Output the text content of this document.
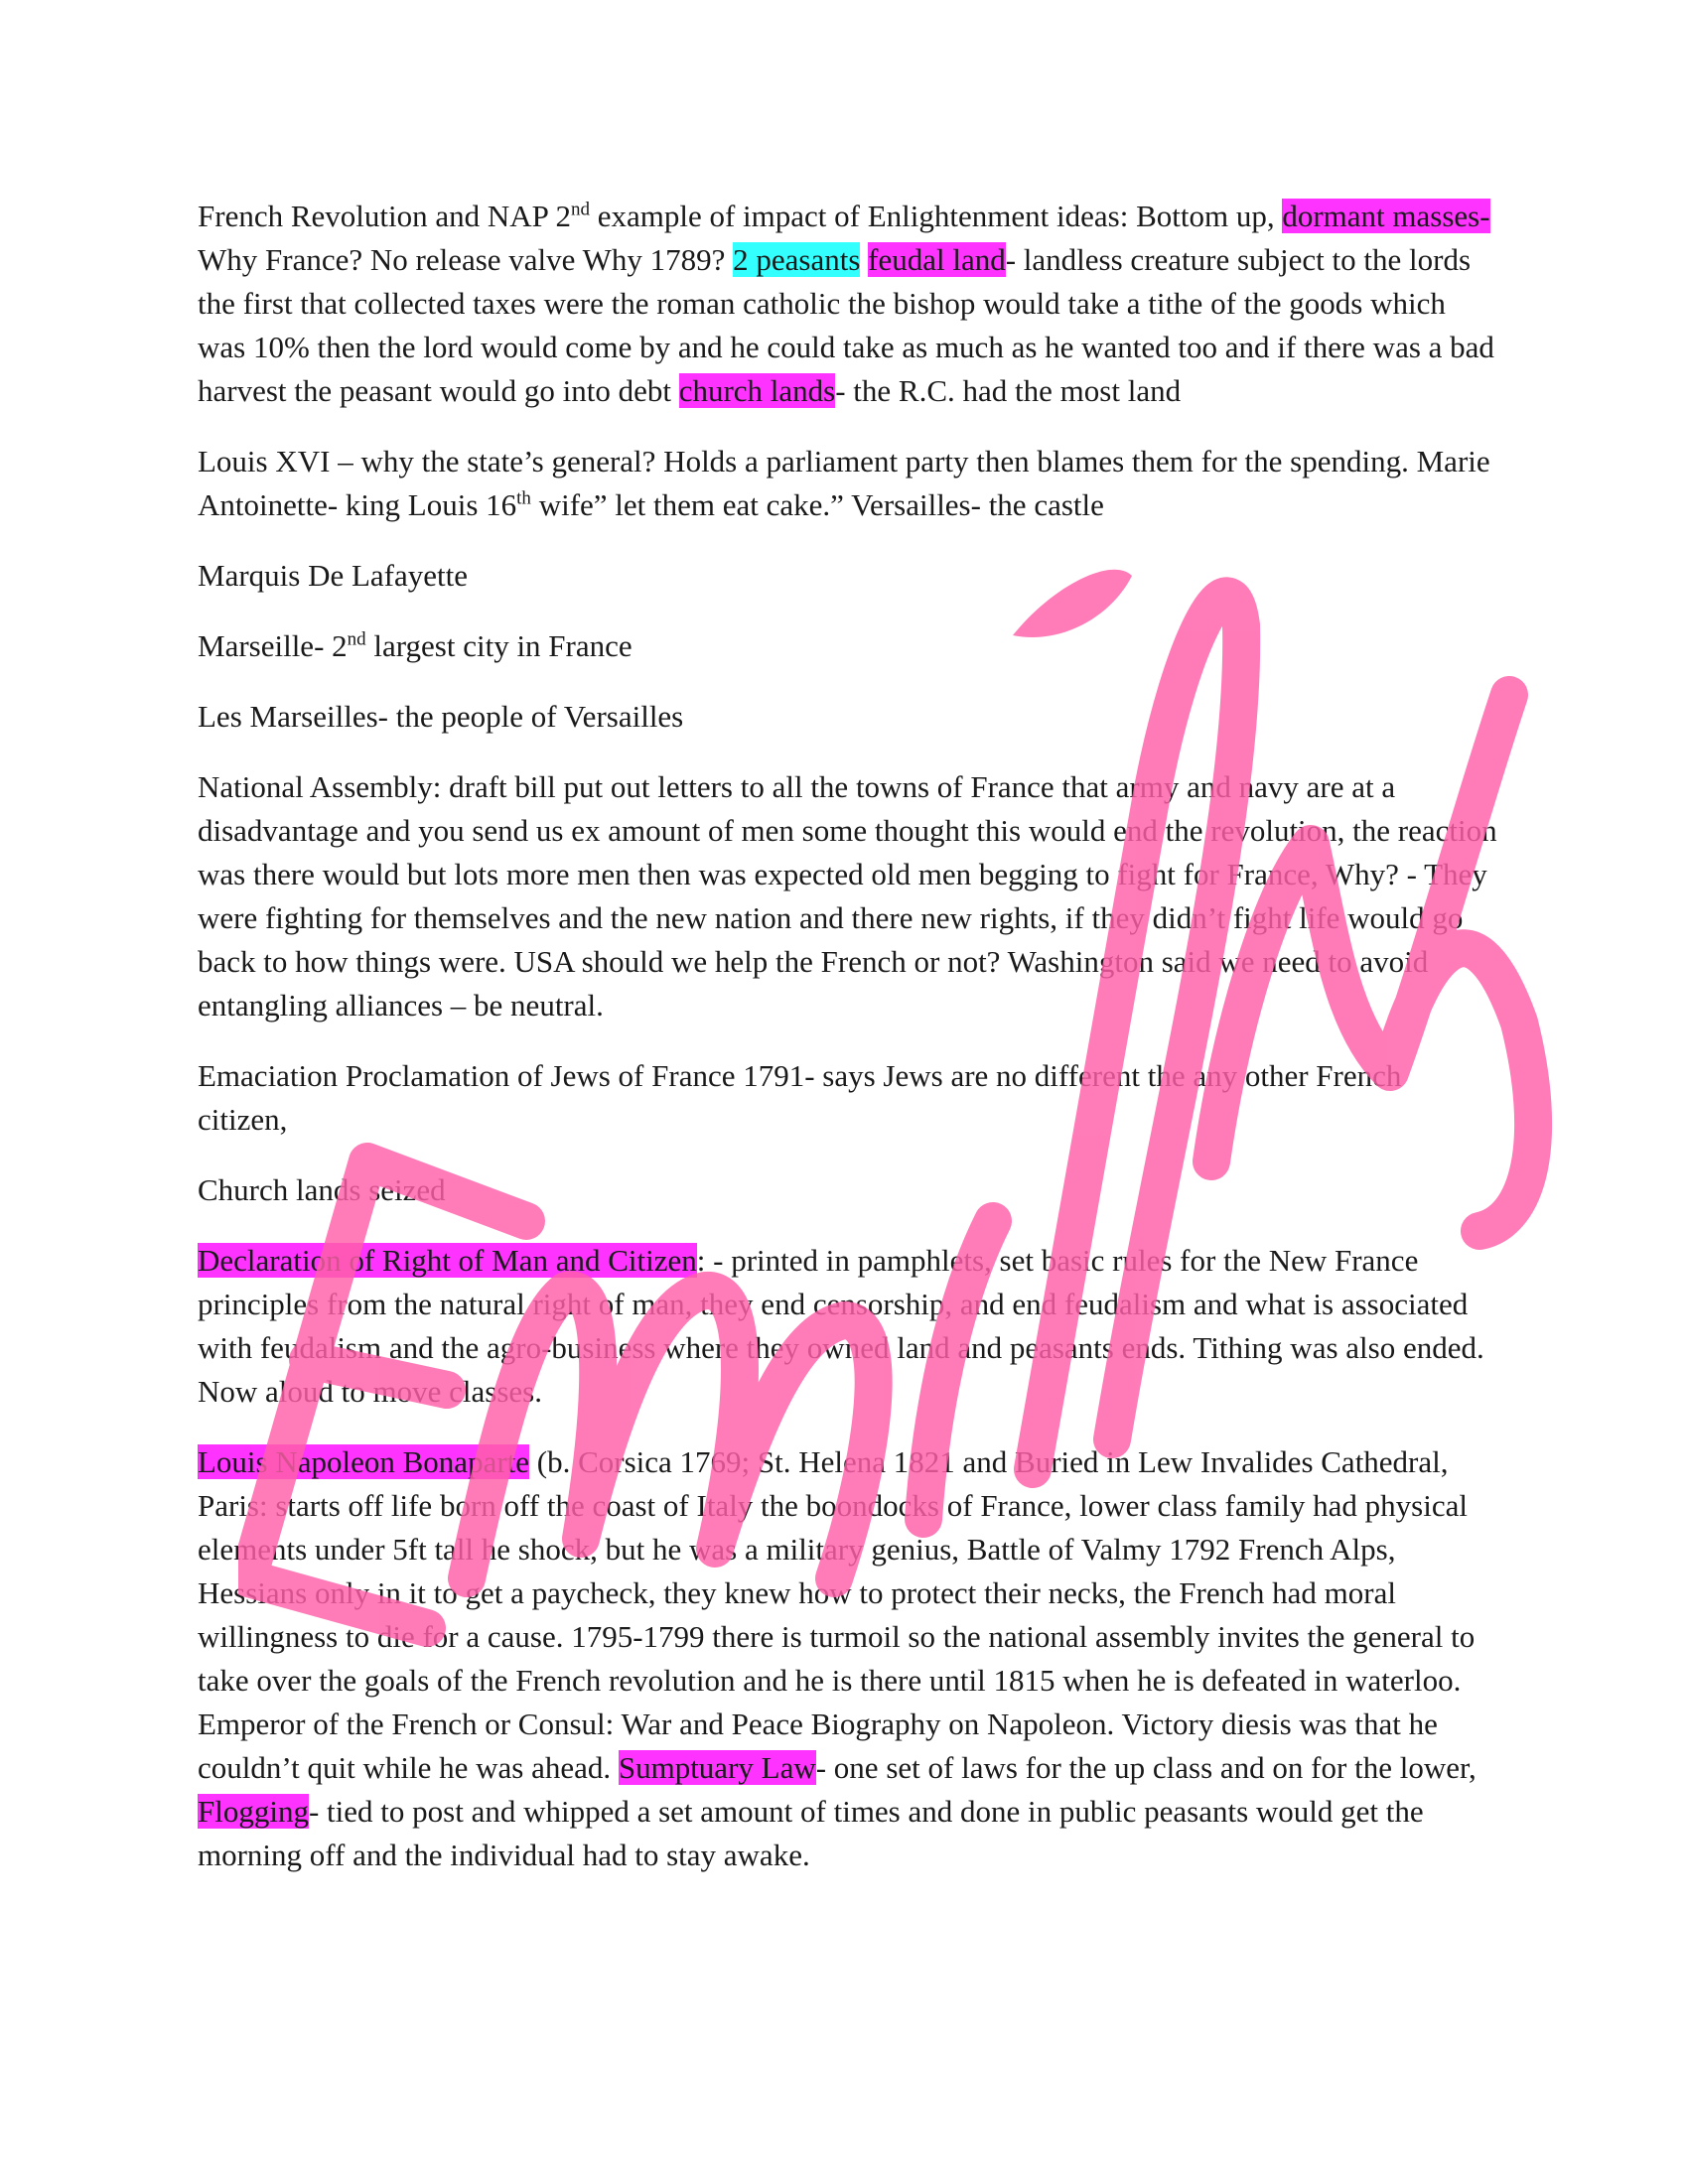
French Revolution and NAP 2nd example of impact of Enlightenment ideas: Bottom up, dormant masses- Why France? No release valve Why 1789? 2 peasants feudal land- landless creature subject to the lords the first that collected taxes were the roman catholic the bishop would take a tithe of the goods which was 10% then the lord would come by and he could take as much as he wanted too and if there was a bad harvest the peasant would go into debt church lands- the R.C. had the most land

Louis XVI – why the state’s general? Holds a parliament party then blames them for the spending. Marie Antoinette- king Louis 16th wife” let them eat cake.” Versailles- the castle

Marquis De Lafayette

Marseille- 2nd largest city in France

Les Marseilles- the people of Versailles

National Assembly: draft bill put out letters to all the towns of France that army and navy are at a disadvantage and you send us ex amount of men some thought this would end the revolution, the reaction was there would but lots more men then was expected old men begging to fight for France, Why? - They were fighting for themselves and the new nation and there new rights, if they didn’t fight life would go back to how things were. USA should we help the French or not? Washington said we need to avoid entangling alliances – be neutral.

Emaciation Proclamation of Jews of France 1791- says Jews are no different the any other French citizen,

Church lands seized

Declaration of Right of Man and Citizen: - printed in pamphlets, set basic rules for the New France principles from the natural right of man, they end censorship, and end feudalism and what is associated with feudalism and the agro-business where they owned land and peasants ends. Tithing was also ended. Now aloud to move classes.

Louis Napoleon Bonaparte (b. Corsica 1769; St. Helena 1821 and Buried in Lew Invalides Cathedral, Paris: starts off life born off the coast of Italy the boondocks of France, lower class family had physical elements under 5ft tall he shock, but he was a military genius, Battle of Valmy 1792 French Alps, Hessians only in it to get a paycheck, they knew how to protect their necks, the French had moral willingness to die for a cause. 1795-1799 there is turmoil so the national assembly invites the general to take over the goals of the French revolution and he is there until 1815 when he is defeated in waterloo. Emperor of the French or Consul: War and Peace Biography on Napoleon. Victory diesis was that he couldn’t quit while he was ahead. Sumptuary Law- one set of laws for the up class and on for the lower, Flogging- tied to post and whipped a set amount of times and done in public peasants would get the morning off and the individual had to stay awake.
